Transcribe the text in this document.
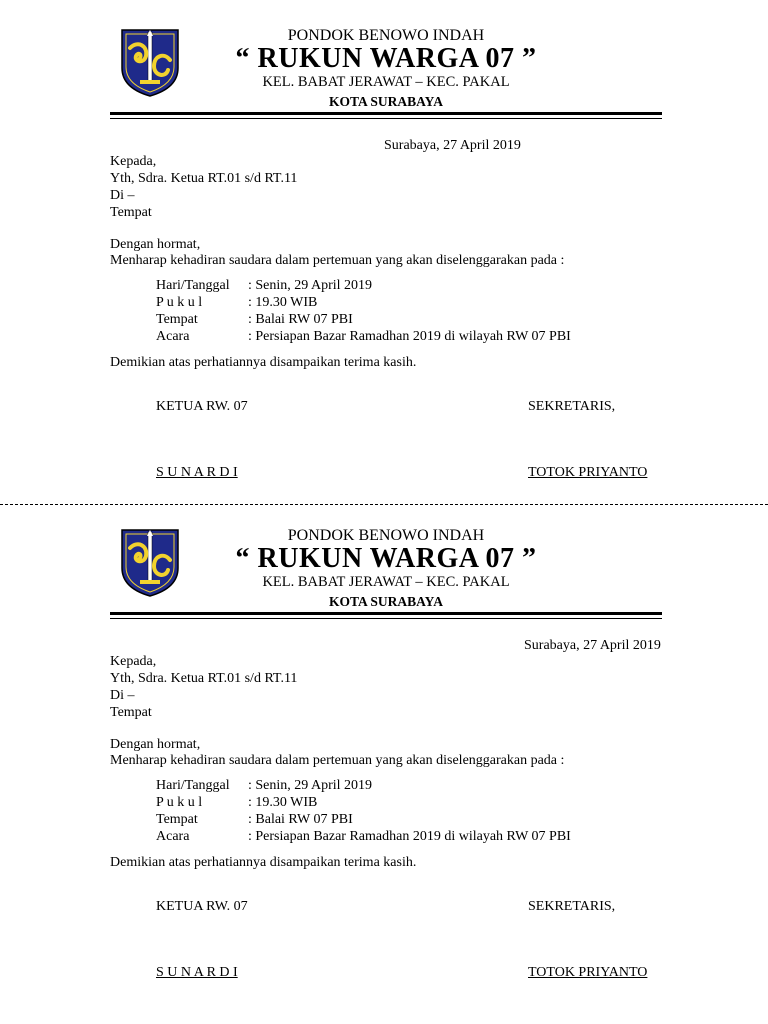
PONDOK BENOWO INDAH
“ RUKUN WARGA 07 ”
KEL. BABAT JERAWAT – KEC. PAKAL
KOTA SURABAYA
Surabaya, 27 April 2019
Kepada,
Yth, Sdra. Ketua RT.01 s/d RT.11
Di –
Tempat
Dengan hormat,
Menharap kehadiran saudara dalam pertemuan yang akan diselenggarakan pada :
Hari/Tanggal	: Senin, 29 April 2019
P u k u l	: 19.30 WIB
Tempat	: Balai RW 07 PBI
Acara	: Persiapan Bazar Ramadhan 2019 di wilayah RW 07 PBI
Demikian atas perhatiannya disampaikan terima kasih.
KETUA RW. 07	SEKRETARIS,
S U N A R D I	TOTOK PRIYANTO
PONDOK BENOWO INDAH
“ RUKUN WARGA 07 ”
KEL. BABAT JERAWAT – KEC. PAKAL
KOTA SURABAYA
Surabaya, 27 April 2019
Kepada,
Yth, Sdra. Ketua RT.01 s/d RT.11
Di –
Tempat
Dengan hormat,
Menharap kehadiran saudara dalam pertemuan yang akan diselenggarakan pada :
Hari/Tanggal	: Senin, 29 April 2019
P u k u l	: 19.30 WIB
Tempat	: Balai RW 07 PBI
Acara	: Persiapan Bazar Ramadhan 2019 di wilayah RW 07 PBI
Demikian atas perhatiannya disampaikan terima kasih.
KETUA RW. 07	SEKRETARIS,
S U N A R D I	TOTOK PRIYANTO
